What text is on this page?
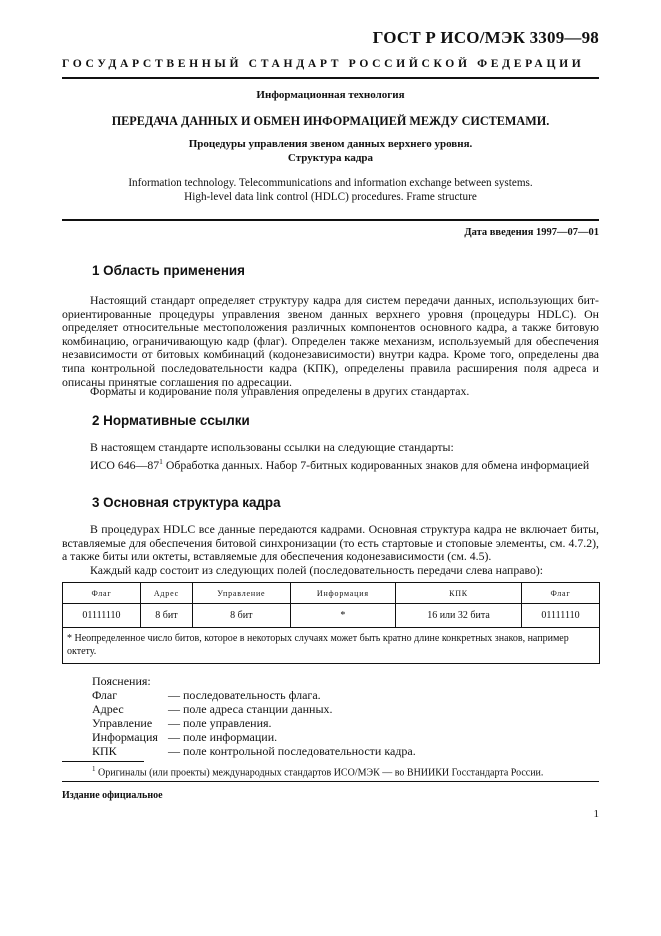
ГОСТ Р ИСО/МЭК 3309—98
ГОСУДАРСТВЕННЫЙ СТАНДАРТ РОССИЙСКОЙ ФЕДЕРАЦИИ
Информационная технология
ПЕРЕДАЧА ДАННЫХ И ОБМЕН ИНФОРМАЦИЕЙ МЕЖДУ СИСТЕМАМИ.
Процедуры управления звеном данных верхнего уровня.
Структура кадра
Information technology. Telecommunications and information exchange between systems.
High-level data link control (HDLC) procedures. Frame structure
Дата введения 1997—07—01
1 Область применения

Настоящий стандарт определяет структуру кадра для систем передачи данных, использующих бит-ориентированные процедуры управления звеном данных верхнего уровня (процедуры HDLC). Он определяет относительные местоположения различных компонентов основного кадра, а также битовую комбинацию, ограничивающую кадр (флаг). Определен также механизм, используемый для обеспечения независимости от битовых комбинаций (кодонезависимости) внутри кадра. Кроме того, определены два типа контрольной последовательности кадра (КПК), определены правила расширения поля адреса и описаны принятые соглашения по адресации.

Форматы и кодирование поля управления определены в других стандартах.

2 Нормативные ссылки

В настоящем стандарте использованы ссылки на следующие стандарты:

ИСО $646—87^1$ Обработка данных. Набор 7-битных кодированных знаков для обмена информацией

3 Основная структура кадра

В процедурах HDLC все данные передаются кадрами. Основная структура кадра не включает биты, вставляемые для обеспечения битовой синхронизации (то есть стартовые и стоповые элементы, см. 4.7.2), а также биты или октеты, вставляемые для обеспечения кодонезависимости (см. 4.5).

Каждый кадр состоит из следующих полей (последовательность передачи слева направо):

Флаг	Адрес	Управление	Информация	КПК	Флаг
01111110	8 бит	8 бит	*	16 или 32 бита	01111110
* Неопределенное число битов, которое в некоторых случаях может быть кратно длине конкретных знаков, например октету.					
Пояснения:
Флаг	— последовательность флага.
Адрес	— поле адреса станции данных.
Управление — поле управления.
Информация — поле информации.
КПК	— поле контрольной последовательности кадра.
$^1$ Оригиналы (или проекты) международных стандартов ИСО/МЭК — во ВНИИКИ Госстандарта России.
Издание официальное
1
